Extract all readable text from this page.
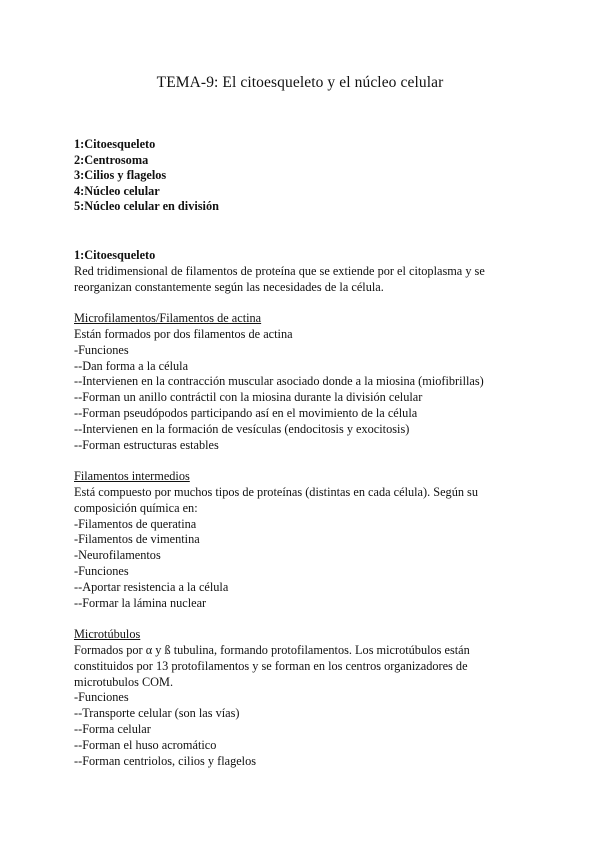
TEMA-9: El citoesqueleto y el núcleo celular
1:Citoesqueleto
2:Centrosoma
3:Cilios y flagelos
4:Núcleo celular
5:Núcleo celular en división
1:Citoesqueleto
Red tridimensional de filamentos de proteína que se extiende por el citoplasma y se reorganizan constantemente según las necesidades de la célula.
Microfilamentos/Filamentos de actina
Están formados por dos filamentos de actina
-Funciones
--Dan forma a la célula
--Intervienen en la contracción muscular asociado donde a la miosina (miofibrillas)
--Forman un anillo contráctil con la miosina durante la división celular
--Forman pseudópodos participando así en el movimiento de la célula
--Intervienen en la formación de vesículas (endocitosis y exocitosis)
--Forman estructuras estables
Filamentos intermedios
Está compuesto por muchos tipos de proteínas (distintas en cada célula). Según su composición química en:
-Filamentos de queratina
-Filamentos de vimentina
-Neurofilamentos
-Funciones
--Aportar resistencia a la célula
--Formar la lámina nuclear
Microtúbulos
Formados por α y ß tubulina, formando protofilamentos. Los microtúbulos están constituidos por 13 protofilamentos y se forman en los centros organizadores de microtubulos COM.
-Funciones
--Transporte celular (son las vías)
--Forma celular
--Forman el huso acromático
--Forman centriolos, cilios y flagelos
